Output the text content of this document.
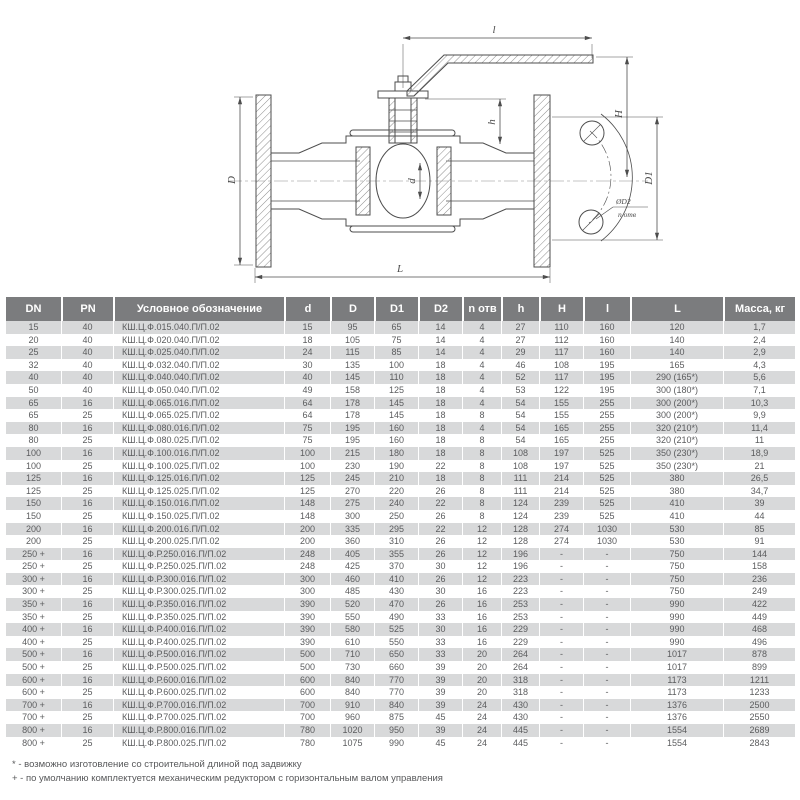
l
H
h
D	d	D1
ØD2
n отв
L
DN	PN	Условное обозначение	d	D	D1	D2	n отв	h	H	l	L	Масса, кг
15	40	КШ.Ц.Ф.015.040.П/П.02	15	95	65	14	4	27	110	160	120	1,7
20	40	КШ.Ц.Ф.020.040.П/П.02	18	105	75	14	4	27	112	160	140	2,4
25	40	КШ.Ц.Ф.025.040.П/П.02	24	115	85	14	4	29	117	160	140	2,9
32	40	КШ.Ц.Ф.032.040.П/П.02	30	135	100	18	4	46	108	195	165	4,3
40	40	КШ.Ц.Ф.040.040.П/П.02	40	145	110	18	4	52	117	195	290 (165*)	5,6
50	40	КШ.Ц.Ф.050.040.П/П.02	49	158	125	18	4	53	122	195	300 (180*)	7,1
65	16	КШ.Ц.Ф.065.016.П/П.02	64	178	145	18	4	54	155	255	300 (200*)	10,3
65	25	КШ.Ц.Ф.065.025.П/П.02	64	178	145	18	8	54	155	255	300 (200*)	9,9
80	16	КШ.Ц.Ф.080.016.П/П.02	75	195	160	18	4	54	165	255	320 (210*)	11,4
80	25	КШ.Ц.Ф.080.025.П/П.02	75	195	160	18	8	54	165	255	320 (210*)	11
100	16	КШ.Ц.Ф.100.016.П/П.02	100	215	180	18	8	108	197	525	350 (230*)	18,9
100	25	КШ.Ц.Ф.100.025.П/П.02	100	230	190	22	8	108	197	525	350 (230*)	21
125	16	КШ.Ц.Ф.125.016.П/П.02	125	245	210	18	8	111	214	525	380	26,5
125	25	КШ.Ц.Ф.125.025.П/П.02	125	270	220	26	8	111	214	525	380	34,7
150	16	КШ.Ц.Ф.150.016.П/П.02	148	275	240	22	8	124	239	525	410	39
150	25	КШ.Ц.Ф.150.025.П/П.02	148	300	250	26	8	124	239	525	410	44
200	16	КШ.Ц.Ф.200.016.П/П.02	200	335	295	22	12	128	274	1030	530	85
200	25	КШ.Ц.Ф.200.025.П/П.02	200	360	310	26	12	128	274	1030	530	91
250 +	16	КШ.Ц.Ф.Р.250.016.П/П.02	248	405	355	26	12	196	-	-	750	144
250 +	25	КШ.Ц.Ф.Р.250.025.П/П.02	248	425	370	30	12	196	-	-	750	158
300 +	16	КШ.Ц.Ф.Р.300.016.П/П.02	300	460	410	26	12	223	-	-	750	236
300 +	25	КШ.Ц.Ф.Р.300.025.П/П.02	300	485	430	30	16	223	-	-	750	249
350 +	16	КШ.Ц.Ф.Р.350.016.П/П.02	390	520	470	26	16	253	-	-	990	422
350 +	25	КШ.Ц.Ф.Р.350.025.П/П.02	390	550	490	33	16	253	-	-	990	449
400 +	16	КШ.Ц.Ф.Р.400.016.П/П.02	390	580	525	30	16	229	-	-	990	468
400 +	25	КШ.Ц.Ф.Р.400.025.П/П.02	390	610	550	33	16	229	-	-	990	496
500 +	16	КШ.Ц.Ф.Р.500.016.П/П.02	500	710	650	33	20	264	-	-	1017	878
500 +	25	КШ.Ц.Ф.Р.500.025.П/П.02	500	730	660	39	20	264	-	-	1017	899
600 +	16	КШ.Ц.Ф.Р.600.016.П/П.02	600	840	770	39	20	318	-	-	1173	1211
600 +	25	КШ.Ц.Ф.Р.600.025.П/П.02	600	840	770	39	20	318	-	-	1173	1233
700 +	16	КШ.Ц.Ф.Р.700.016.П/П.02	700	910	840	39	24	430	-	-	1376	2500
700 +	25	КШ.Ц.Ф.Р.700.025.П/П.02	700	960	875	45	24	430	-	-	1376	2550
800 +	16	КШ.Ц.Ф.Р.800.016.П/П.02	780	1020	950	39	24	445	-	-	1554	2689
800 +	25	КШ.Ц.Ф.Р.800.025.П/П.02	780	1075	990	45	24	445	-	-	1554	2843
* - возможно изготовление со строительной длиной под задвижку
+ - по умолчанию комплектуется механическим редуктором с горизонтальным валом управления
